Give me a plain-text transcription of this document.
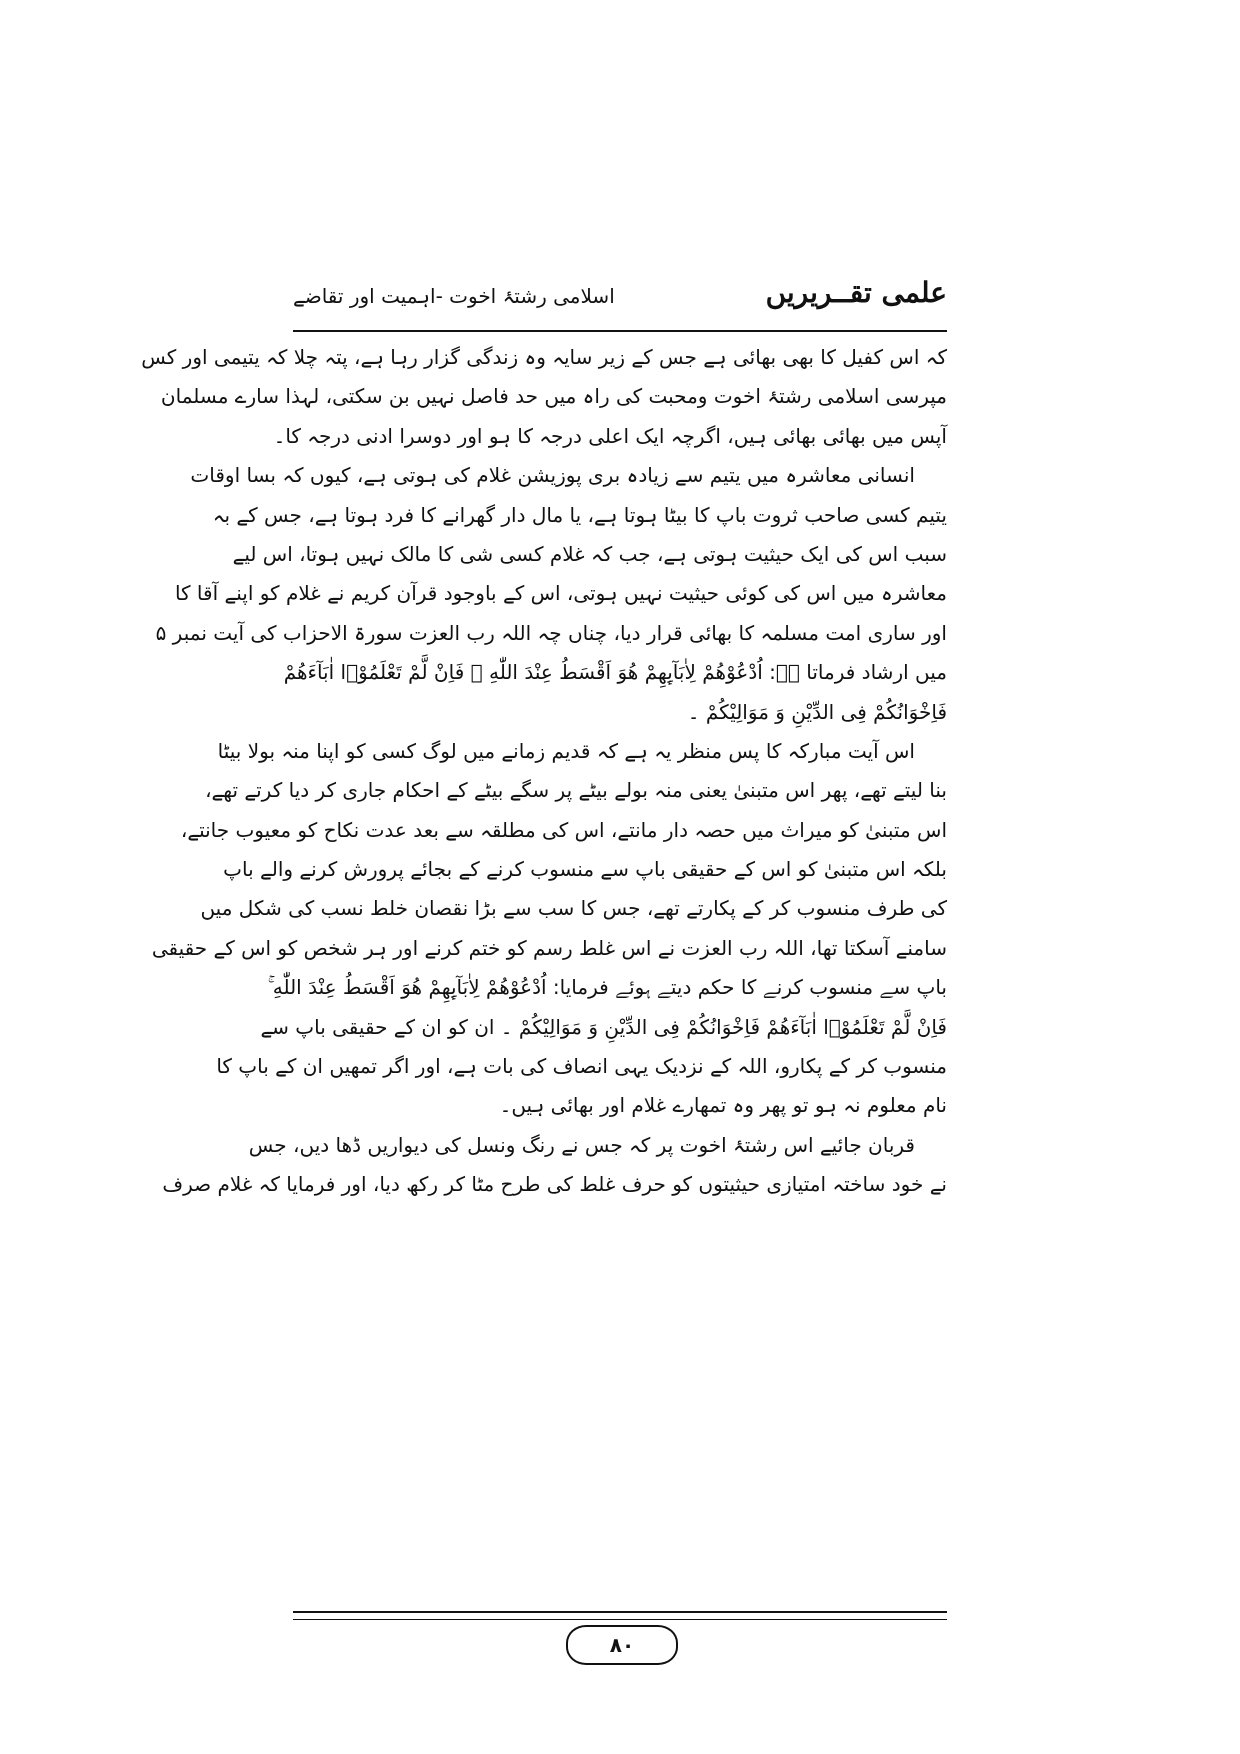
علمی تقــریریں
اسلامی رشتۂ اخوت -اہمیت اور تقاضے
کہ اس کفیل کا بھی بھائی ہے جس کے زیر سایہ وہ زندگی گزار رہا ہے، پتہ چلا کہ یتیمی اور کس
مپرسی اسلامی رشتۂ اخوت ومحبت کی راہ میں حد فاصل نہیں بن سکتی، لہذا سارے مسلمان
آپس میں بھائی بھائی ہیں، اگرچہ ایک اعلی درجہ کا ہو اور دوسرا ادنی درجہ کا۔
انسانی معاشرہ میں یتیم سے زیادہ بری پوزیشن غلام کی ہوتی ہے، کیوں کہ بسا اوقات
یتیم کسی صاحب ثروت باپ کا بیٹا ہوتا ہے، یا مال دار گھرانے کا فرد ہوتا ہے، جس کے بہ
سبب اس کی ایک حیثیت ہوتی ہے، جب کہ غلام کسی شی کا مالک نہیں ہوتا، اس لیے
معاشرہ میں اس کی کوئی حیثیت نہیں ہوتی، اس کے باوجود قرآن کریم نے غلام کو اپنے آقا کا
اور ساری امت مسلمہ کا بھائی قرار دیا، چناں چہ اللہ رب العزت سورۃ الاحزاب کی آیت نمبر ۵
میں ارشاد فرماتا ہے: اُدْعُوْهُمْ لِاٰبَآىِٕهِمْ هُوَ اَقْسَطُ عِنْدَ اللّٰهِ ۚ فَاِنْ لَّمْ تَعْلَمُوْۤا اٰبَآءَهُمْ
فَاِخْوَانُكُمْ فِی الدِّیْنِ وَ مَوَالِیْكُمْ ۔
اس آیت مبارکہ کا پس منظر یہ ہے کہ قدیم زمانے میں لوگ کسی کو اپنا منہ بولا بیٹا
بنا لیتے تھے، پھر اس متبنیٰ یعنی منہ بولے بیٹے پر سگے بیٹے کے احکام جاری کر دیا کرتے تھے،
اس متبنیٰ کو میراث میں حصہ دار مانتے، اس کی مطلقہ سے بعد عدت نکاح کو معیوب جانتے،
بلکہ اس متبنیٰ کو اس کے حقیقی باپ سے منسوب کرنے کے بجائے پرورش کرنے والے باپ
کی طرف منسوب کر کے پکارتے تھے، جس کا سب سے بڑا نقصان خلط نسب کی شکل میں
سامنے آسکتا تھا، اللہ رب العزت نے اس غلط رسم کو ختم کرنے اور ہر شخص کو اس کے حقیقی
باپ سے منسوب کرنے کا حکم دیتے ہوئے فرمایا: اُدْعُوْهُمْ لِاٰبَآىِٕهِمْ هُوَ اَقْسَطُ عِنْدَ اللّٰهِ ۚ
فَاِنْ لَّمْ تَعْلَمُوْۤا اٰبَآءَهُمْ فَاِخْوَانُكُمْ فِی الدِّیْنِ وَ مَوَالِیْكُمْ ۔ ان کو ان کے حقیقی باپ سے
منسوب کر کے پکارو، اللہ کے نزدیک یہی انصاف کی بات ہے، اور اگر تمھیں ان کے باپ کا
نام معلوم نہ ہو تو پھر وہ تمھارے غلام اور بھائی ہیں۔
قربان جائیے اس رشتۂ اخوت پر کہ جس نے رنگ ونسل کی دیواریں ڈھا دیں، جس
نے خود ساختہ امتیازی حیثیتوں کو حرف غلط کی طرح مٹا کر رکھ دیا، اور فرمایا کہ غلام صرف
۸۰
